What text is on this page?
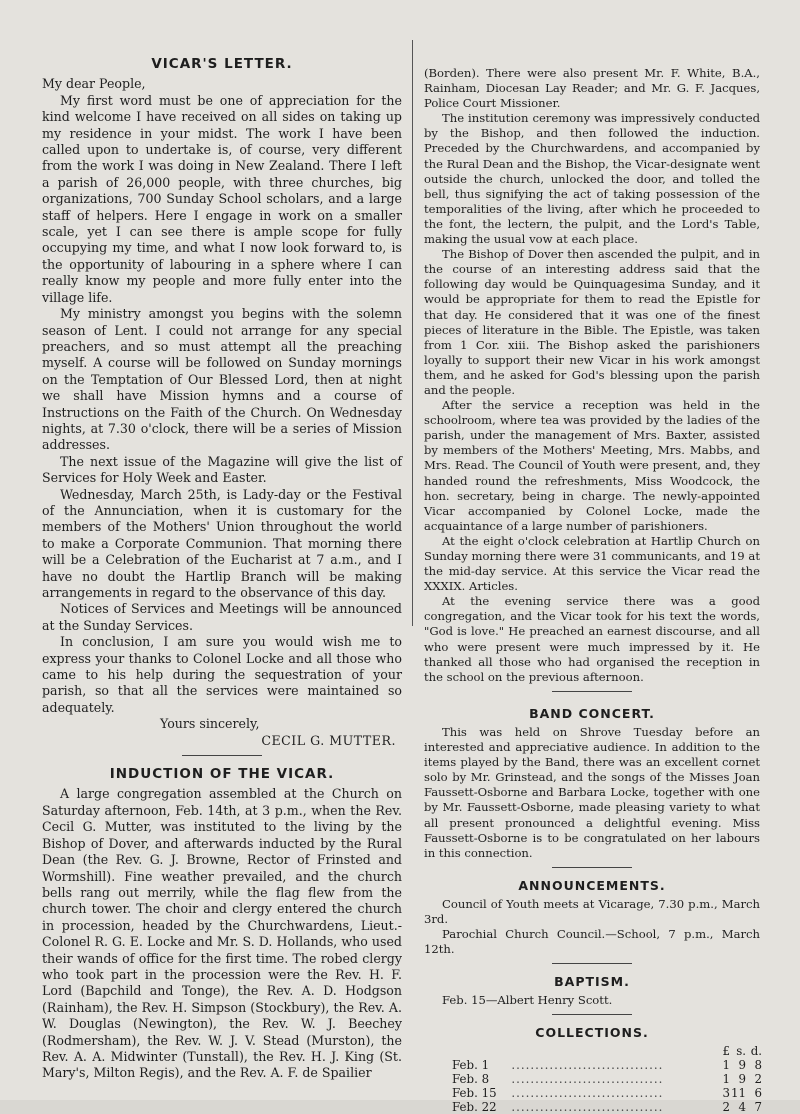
VICAR'S LETTER.

My dear People,

My first word must be one of appreciation for the kind welcome I have received on all sides on taking up my residence in your midst. The work I have been called upon to undertake is, of course, very different from the work I was doing in New Zealand. There I left a parish of 26,000 people, with three churches, big organizations, 700 Sunday School scholars, and a large staff of helpers. Here I engage in work on a smaller scale, yet I can see there is ample scope for fully occupying my time, and what I now look forward to, is the opportunity of labouring in a sphere where I can really know my people and more fully enter into the village life.

My ministry amongst you begins with the solemn season of Lent. I could not arrange for any special preachers, and so must attempt all the preaching myself. A course will be followed on Sunday mornings on the Temptation of Our Blessed Lord, then at night we shall have Mission hymns and a course of Instructions on the Faith of the Church. On Wednesday nights, at 7.30 o'clock, there will be a series of Mission addresses.

The next issue of the Magazine will give the list of Services for Holy Week and Easter.

Wednesday, March 25th, is Lady-day or the Festival of the Annunciation, when it is customary for the members of the Mothers' Union throughout the world to make a Corporate Communion. That morning there will be a Celebration of the Eucharist at 7 a.m., and I have no doubt the Hartlip Branch will be making arrangements in regard to the observance of this day.

Notices of Services and Meetings will be announced at the Sunday Services.

In conclusion, I am sure you would wish me to express your thanks to Colonel Locke and all those who came to his help during the sequestration of your parish, so that all the services were maintained so adequately.

Yours sincerely,

CECIL G. MUTTER.

INDUCTION OF THE VICAR.

A large congregation assembled at the Church on Saturday afternoon, Feb. 14th, at 3 p.m., when the Rev. Cecil G. Mutter, was instituted to the living by the Bishop of Dover, and afterwards inducted by the Rural Dean (the Rev. G. J. Browne, Rector of Frinsted and Wormshill). Fine weather prevailed, and the church bells rang out merrily, while the flag flew from the church tower. The choir and clergy entered the church in procession, headed by the Churchwardens, Lieut.-Colonel R. G. E. Locke and Mr. S. D. Hollands, who used their wands of office for the first time. The robed clergy who took part in the procession were the Rev. H. F. Lord (Bapchild and Tonge), the Rev. A. D. Hodgson (Rainham), the Rev. H. Simpson (Stockbury), the Rev. A. W. Douglas (Newington), the Rev. W. J. Beechey (Rodmersham), the Rev. W. J. V. Stead (Murston), the Rev. A. A. Midwinter (Tunstall), the Rev. H. J. King (St. Mary's, Milton Regis), and the Rev. A. F. de Spailier

(Borden). There were also present Mr. F. White, B.A., Rainham, Diocesan Lay Reader; and Mr. G. F. Jacques, Police Court Missioner.

The institution ceremony was impressively conducted by the Bishop, and then followed the induction. Preceded by the Churchwardens, and accompanied by the Rural Dean and the Bishop, the Vicar-designate went outside the church, unlocked the door, and tolled the bell, thus signifying the act of taking possession of the temporalities of the living, after which he proceeded to the font, the lectern, the pulpit, and the Lord's Table, making the usual vow at each place.

The Bishop of Dover then ascended the pulpit, and in the course of an interesting address said that the following day would be Quinquagesima Sunday, and it would be appropriate for them to read the Epistle for that day. He considered that it was one of the finest pieces of literature in the Bible. The Epistle, was taken from 1 Cor. xiii. The Bishop asked the parishioners loyally to support their new Vicar in his work amongst them, and he asked for God's blessing upon the parish and the people.

After the service a reception was held in the schoolroom, where tea was provided by the ladies of the parish, under the management of Mrs. Baxter, assisted by members of the Mothers' Meeting, Mrs. Mabbs, and Mrs. Read. The Council of Youth were present, and, they handed round the refreshments, Miss Woodcock, the hon. secretary, being in charge. The newly-appointed Vicar accompanied by Colonel Locke, made the acquaintance of a large number of parishioners.

At the eight o'clock celebration at Hartlip Church on Sunday morning there were 31 communicants, and 19 at the mid-day service. At this service the Vicar read the XXXIX. Articles.

At the evening service there was a good congregation, and the Vicar took for his text the words, "God is love." He preached an earnest discourse, and all who were present were much impressed by it. He thanked all those who had organised the reception in the school on the previous afternoon.

BAND CONCERT.

This was held on Shrove Tuesday before an interested and appreciative audience. In addition to the items played by the Band, there was an excellent cornet solo by Mr. Grinstead, and the songs of the Misses Joan Faussett-Osborne and Barbara Locke, together with one by Mr. Faussett-Osborne, made pleasing variety to what all present pronounced a delightful evening. Miss Faussett-Osborne is to be congratulated on her labours in this connection.

ANNOUNCEMENTS.

Council of Youth meets at Vicarage, 7.30 p.m., March 3rd.

Parochial Church Council.—School, 7 p.m., March 12th.

BAPTISM.

Feb. 15—Albert Henry Scott.

COLLECTIONS.
		£	s.	d.
Feb. 1	................................	1	9	8
Feb. 8	................................	1	9	2
Feb. 15	................................	3	11	6
Feb. 22	................................	2	4	7
